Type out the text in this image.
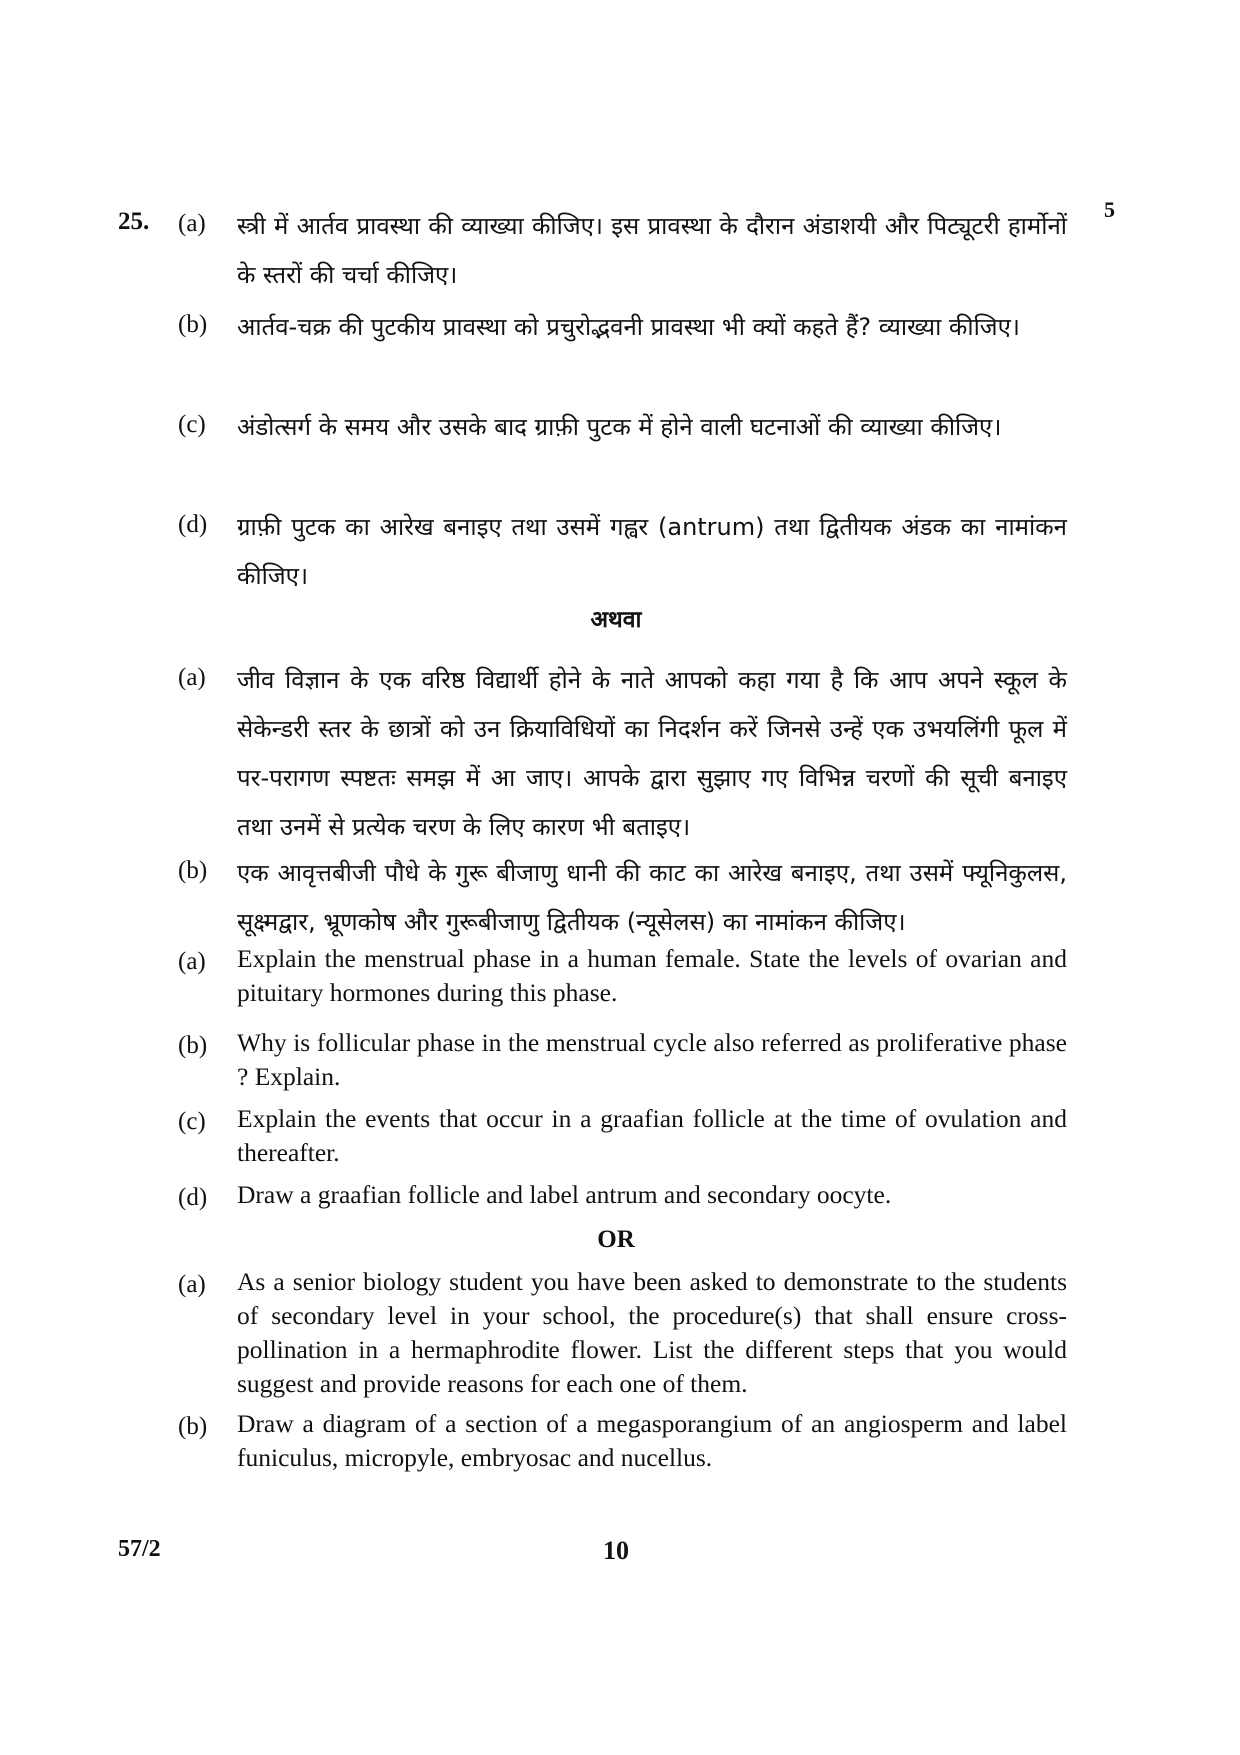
25.	5
(a) स्त्री में आर्तव प्रावस्था की व्याख्या कीजिए। इस प्रावस्था के दौरान अंडाशयी और पिट्यूटरी हार्मोनों के स्तरों की चर्चा कीजिए।
(b) आर्तव-चक्र की पुटकीय प्रावस्था को प्रचुरोद्भवनी प्रावस्था भी क्यों कहते हैं? व्याख्या कीजिए।
(c) अंडोत्सर्ग के समय और उसके बाद ग्राफ़ी पुटक में होने वाली घटनाओं की व्याख्या कीजिए।
(d) ग्राफ़ी पुटक का आरेख बनाइए तथा उसमें गह्वर (antrum) तथा द्वितीयक अंडक का नामांकन कीजिए।
अथवा
(a) जीव विज्ञान के एक वरिष्ठ विद्यार्थी होने के नाते आपको कहा गया है कि आप अपने स्कूल के सेकेन्डरी स्तर के छात्रों को उन क्रियाविधियों का निदर्शन करें जिनसे उन्हें एक उभयलिंगी फूल में पर-परागण स्पष्टतः समझ में आ जाए। आपके द्वारा सुझाए गए विभिन्न चरणों की सूची बनाइए तथा उनमें से प्रत्येक चरण के लिए कारण भी बताइए।
(b) एक आवृत्तबीजी पौधे के गुरू बीजाणु धानी की काट का आरेख बनाइए, तथा उसमें फ्यूनिकुलस, सूक्ष्मद्वार, भ्रूणकोष और गुरूबीजाणु द्वितीयक (न्यूसेलस) का नामांकन कीजिए।
(a) Explain the menstrual phase in a human female. State the levels of ovarian and pituitary hormones during this phase.
(b) Why is follicular phase in the menstrual cycle also referred as proliferative phase ? Explain.
(c) Explain the events that occur in a graafian follicle at the time of ovulation and thereafter.
(d) Draw a graafian follicle and label antrum and secondary oocyte.
OR
(a) As a senior biology student you have been asked to demonstrate to the students of secondary level in your school, the procedure(s) that shall ensure cross-pollination in a hermaphrodite flower. List the different steps that you would suggest and provide reasons for each one of them.
(b) Draw a diagram of a section of a megasporangium of an angiosperm and label funiculus, micropyle, embryosac and nucellus.
57/2	10
